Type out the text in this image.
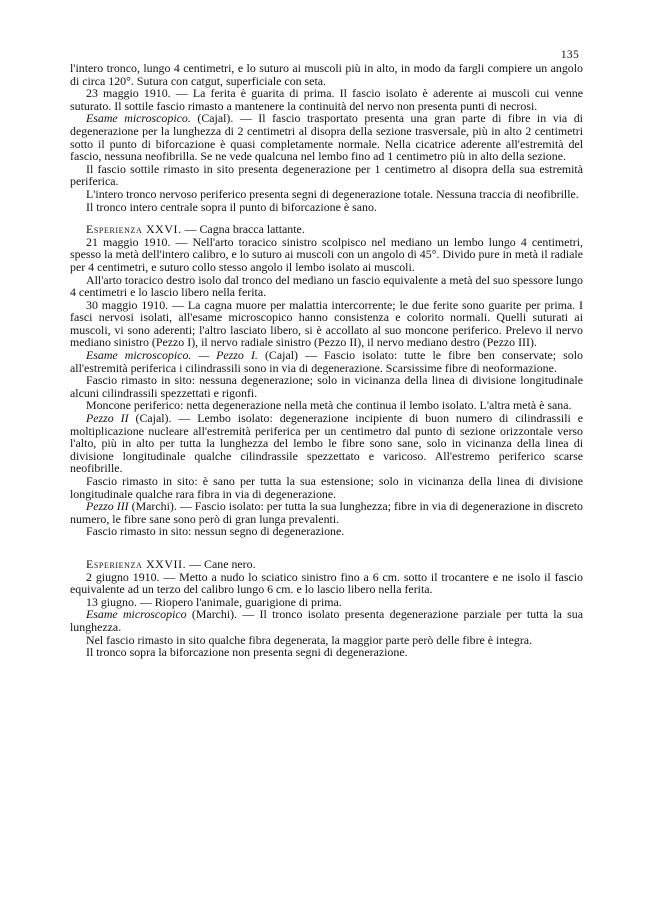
135

l'intero tronco, lungo 4 centimetri, e lo suturo ai muscoli più in alto, in modo da fargli compiere un angolo di circa 120°. Sutura con catgut, superficiale con seta.

23 maggio 1910. — La ferita è guarita di prima. Il fascio isolato è aderente ai muscoli cui venne suturato. Il sottile fascio rimasto a mantenere la continuità del nervo non presenta punti di necrosi.

Esame microscopico. (Cajal). — Il fascio trasportato presenta una gran parte di fibre in via di degenerazione per la lunghezza di 2 centimetri al disopra della sezione trasversale, più in alto 2 centimetri sotto il punto di biforcazione è quasi completamente normale. Nella cicatrice aderente all'estremità del fascio, nessuna neofibrilla. Se ne vede qualcuna nel lembo fino ad 1 centimetro più in alto della sezione.

Il fascio sottile rimasto in sito presenta degenerazione per 1 centimetro al disopra della sua estremità periferica.

L'intero tronco nervoso periferico presenta segni di degenerazione totale. Nessuna traccia di neofibrille.

Il tronco intero centrale sopra il punto di biforcazione è sano.

Esperienza XXVI. — Cagna bracca lattante.

21 maggio 1910. — Nell'arto toracico sinistro scolpisco nel mediano un lembo lungo 4 centimetri, spesso la metà dell'intero calibro, e lo suturo ai muscoli con un angolo di 45°. Divido pure in metà il radiale per 4 centimetri, e suturo collo stesso angolo il lembo isolato ai muscoli.

All'arto toracico destro isolo dal tronco del mediano un fascio equivalente a metà del suo spessore lungo 4 centimetri e lo lascio libero nella ferita.

30 maggio 1910. — La cagna muore per malattia intercorrente; le due ferite sono guarite per prima. I fasci nervosi isolati, all'esame microscopico hanno consistenza e colorito normali. Quelli suturati ai muscoli, vi sono aderenti; l'altro lasciato libero, si è accollato al suo moncone periferico. Prelevo il nervo mediano sinistro (Pezzo I), il nervo radiale sinistro (Pezzo II), il nervo mediano destro (Pezzo III).

Esame microscopico. — Pezzo I. (Cajal) — Fascio isolato: tutte le fibre ben conservate; solo all'estremità periferica i cilindrassili sono in via di degenerazione. Scarsissime fibre di neoformazione.

Fascio rimasto in sito: nessuna degenerazione; solo in vicinanza della linea di divisione longitudinale alcuni cilindrassili spezzettati e rigonfi.

Moncone periferico: netta degenerazione nella metà che continua il lembo isolato. L'altra metà è sana.

Pezzo II (Cajal). — Lembo isolato: degenerazione incipiente di buon numero di cilindrassili e moltiplicazione nucleare all'estremità periferica per un centimetro dal punto di sezione orizzontale verso l'alto, più in alto per tutta la lunghezza del lembo le fibre sono sane, solo in vicinanza della linea di divisione longitudinale qualche cilindrassile spezzettato e varicoso. All'estremo periferico scarse neofibrille.

Fascio rimasto in sito: è sano per tutta la sua estensione; solo in vicinanza della linea di divisione longitudinale qualche rara fibra in via di degenerazione.

Pezzo III (Marchi). — Fascio isolato: per tutta la sua lunghezza; fibre in via di degenerazione in discreto numero, le fibre sane sono però di gran lunga prevalenti.

Fascio rimasto in sito: nessun segno di degenerazione.

Esperienza XXVII. — Cane nero.

2 giugno 1910. — Metto a nudo lo sciatico sinistro fino a 6 cm. sotto il trocantere e ne isolo il fascio equivalente ad un terzo del calibro lungo 6 cm. e lo lascio libero nella ferita.

13 giugno. — Riopero l'animale, guarigione di prima.

Esame microscopico (Marchi). — Il tronco isolato presenta degenerazione parziale per tutta la sua lunghezza.

Nel fascio rimasto in sito qualche fibra degenerata, la maggior parte però delle fibre è integra.

Il tronco sopra la biforcazione non presenta segni di degenerazione.
